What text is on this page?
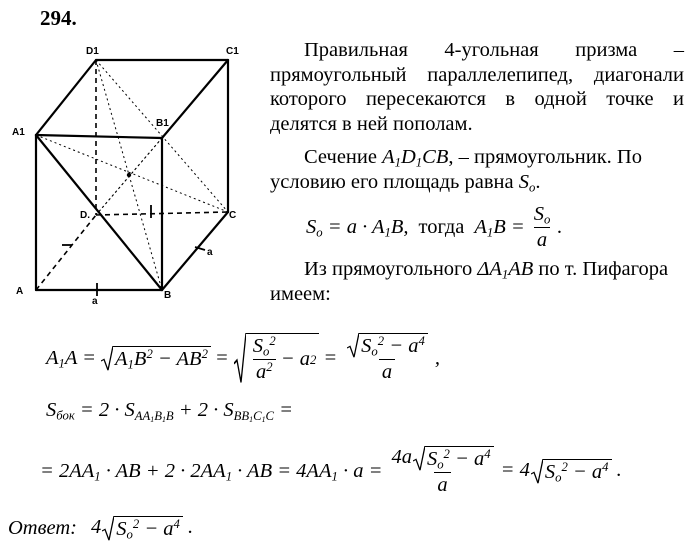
294.
D1	C1
A1
B1
D.	C
A	B
a
a
Правильная 4-угольная призма – прямоугольный параллелепипед, диагонали которого пересекаются в одной точке и делятся в ней пополам.
Сечение $A_1D_1CB$, – прямоугольник. По условию его площадь равна $S_o$.
$S_o = a \cdot A_1B$, тогда $A_1B = \frac{S_o}{a}$ .
Из прямоугольного $\Delta A_1AB$ по т. Пифагора имеем:
$A_1A = A_1B^2 - AB^2 = \frac{S_o^2}{a^2} - a$ $2 = \frac{S_o^2 - a^4}{a}$ ,
$S_{бок} = 2 \cdot S_{AA_1B_1B} + 2 \cdot S_{BB_1C_1C}$ =
= $2AA_1$ · AB + $2 \cdot 2AA_1$ · AB = $4AA_1 \cdot a = \frac{4a S_o^2 - a^4}{a} = 4$ $S_o^2 - a^4$ .
Ответ: 4 $S_o^2 - a^4$ .
